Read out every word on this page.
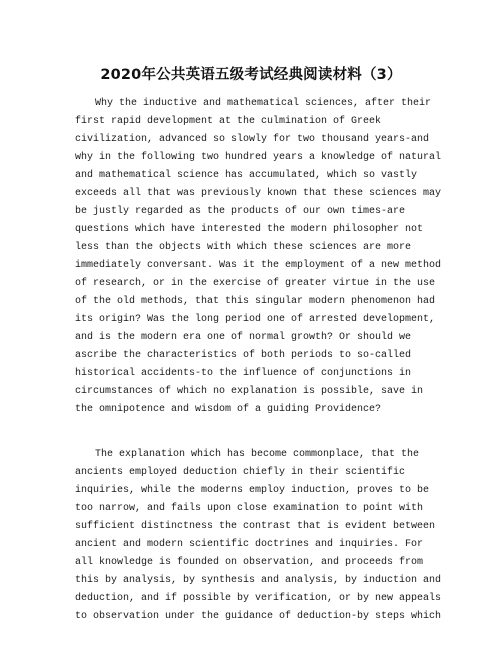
2020年公共英语五级考试经典阅读材料（3）
Why the inductive and mathematical sciences, after their
first rapid development at the culmination of Greek
civilization, advanced so slowly for two thousand years-and
why in the following two hundred years a knowledge of natural
and mathematical science has accumulated, which so vastly
exceeds all that was previously known that these sciences may
be justly regarded as the products of our own times-are
questions which have interested the modern philosopher not
less than the objects with which these sciences are more
immediately conversant. Was it the employment of a new method
of research, or in the exercise of greater virtue in the use
of the old methods, that this singular modern phenomenon had
its origin? Was the long period one of arrested development,
and is the modern era one of normal growth? Or should we
ascribe the characteristics of both periods to so-called
historical accidents-to the influence of conjunctions in
circumstances of which no explanation is possible, save in
the omnipotence and wisdom of a guiding Providence?
The explanation which has become commonplace, that the
ancients employed deduction chiefly in their scientific
inquiries, while the moderns employ induction, proves to be
too narrow, and fails upon close examination to point with
sufficient distinctness the contrast that is evident between
ancient and modern scientific doctrines and inquiries. For
all knowledge is founded on observation, and proceeds from
this by analysis, by synthesis and analysis, by induction and
deduction, and if possible by verification, or by new appeals
to observation under the guidance of deduction-by steps which
